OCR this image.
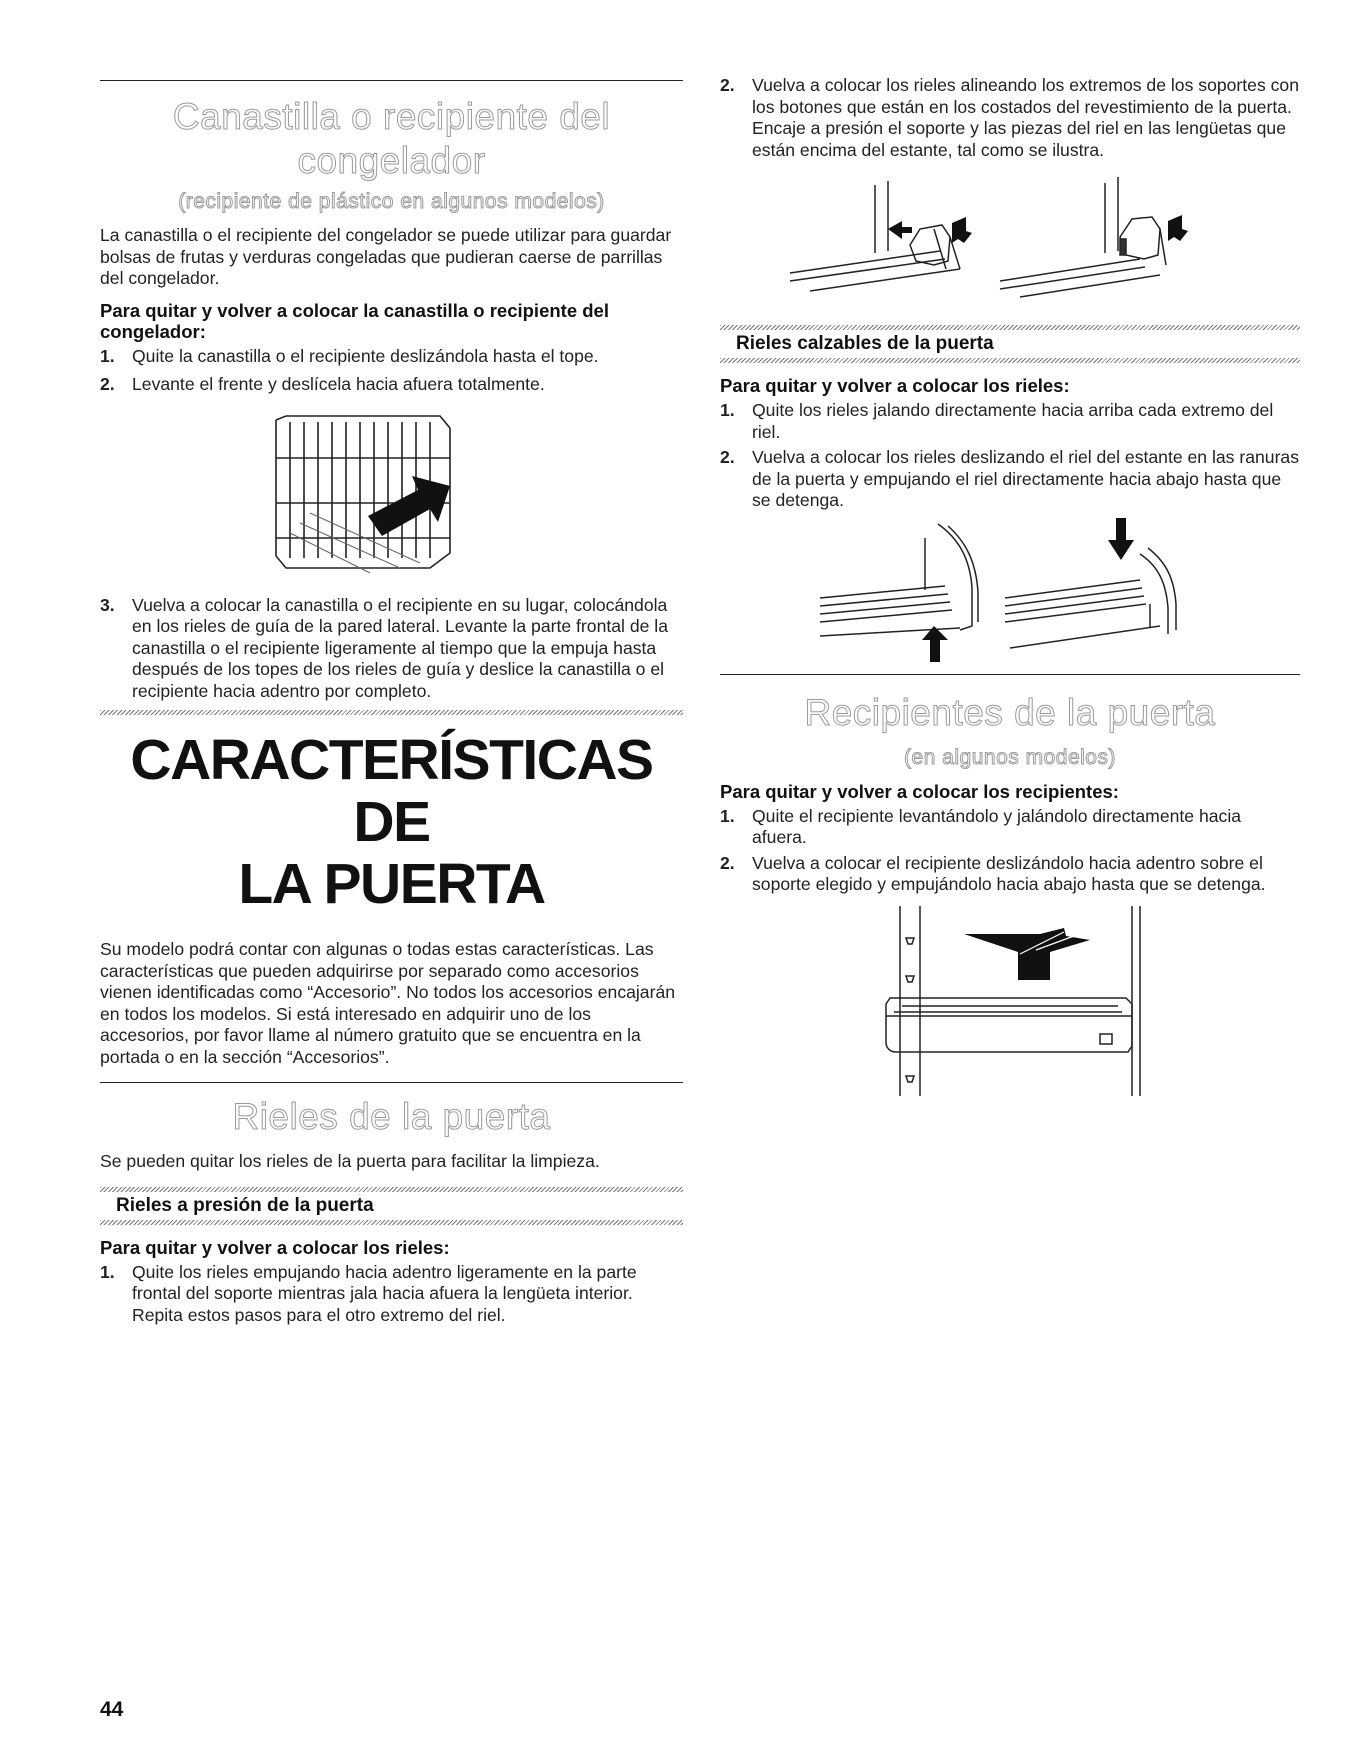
Canastilla o recipiente del congelador
(recipiente de plástico en algunos modelos)

La canastilla o el recipiente del congelador se puede utilizar para guardar bolsas de frutas y verduras congeladas que pudieran caerse de parrillas del congelador.

Para quitar y volver a colocar la canastilla o recipiente del congelador:
1. Quite la canastilla o el recipiente deslizándola hasta el tope.
2. Levante el frente y deslícela hacia afuera totalmente.
3. Vuelva a colocar la canastilla o el recipiente en su lugar, colocándola en los rieles de guía de la pared lateral. Levante la parte frontal de la canastilla o el recipiente ligeramente al tiempo que la empuja hasta después de los topes de los rieles de guía y deslice la canastilla o el recipiente hacia adentro por completo.
CARACTERÍSTICAS DE
LA PUERTA

Su modelo podrá contar con algunas o todas estas características. Las características que pueden adquirirse por separado como accesorios vienen identificadas como “Accesorio”. No todos los accesorios encajarán en todos los modelos. Si está interesado en adquirir uno de los accesorios, por favor llame al número gratuito que se encuentra en la portada o en la sección “Accesorios”.

Rieles de la puerta

Se pueden quitar los rieles de la puerta para facilitar la limpieza.

Rieles a presión de la puerta
Para quitar y volver a colocar los rieles:
1. Quite los rieles empujando hacia adentro ligeramente en la parte frontal del soporte mientras jala hacia afuera la lengüeta interior. Repita estos pasos para el otro extremo del riel.
2. Vuelva a colocar los rieles alineando los extremos de los soportes con los botones que están en los costados del revestimiento de la puerta. Encaje a presión el soporte y las piezas del riel en las lengüetas que están encima del estante, tal como se ilustra.
Rieles calzables de la puerta
Para quitar y volver a colocar los rieles:
1. Quite los rieles jalando directamente hacia arriba cada extremo del riel.
2. Vuelva a colocar los rieles deslizando el riel del estante en las ranuras de la puerta y empujando el riel directamente hacia abajo hasta que se detenga.
Recipientes de la puerta
(en algunos modelos)
Para quitar y volver a colocar los recipientes:
1. Quite el recipiente levantándolo y jalándolo directamente hacia afuera.
2. Vuelva a colocar el recipiente deslizándolo hacia adentro sobre el soporte elegido y empujándolo hacia abajo hasta que se detenga.
44
